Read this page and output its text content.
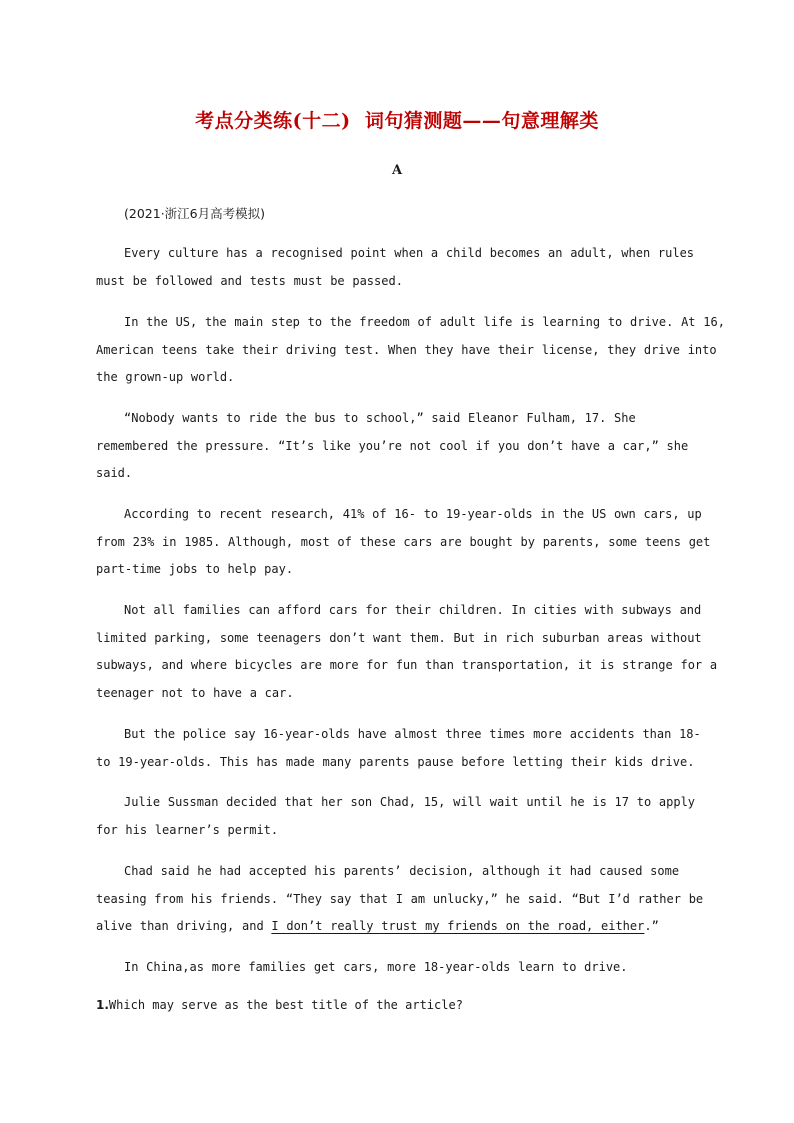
考点分类练(十二)  词句猜测题——句意理解类
A
(2021·浙江6月高考模拟)
Every culture has a recognised point when a child becomes an adult, when rules
must be followed and tests must be passed.
In the US, the main step to the freedom of adult life is learning to drive. At 16,
American teens take their driving test. When they have their license, they drive into
the grown-up world.
“Nobody wants to ride the bus to school,” said Eleanor Fulham, 17. She
remembered the pressure. “It’s like you’re not cool if you don’t have a car,” she
said.
According to recent research, 41% of 16- to 19-year-olds in the US own cars, up
from 23% in 1985. Although, most of these cars are bought by parents, some teens get
part-time jobs to help pay.
Not all families can afford cars for their children. In cities with subways and
limited parking, some teenagers don’t want them. But in rich suburban areas without
subways, and where bicycles are more for fun than transportation, it is strange for a
teenager not to have a car.
But the police say 16-year-olds have almost three times more accidents than 18-
to 19-year-olds. This has made many parents pause before letting their kids drive.
Julie Sussman decided that her son Chad, 15, will wait until he is 17 to apply
for his learner’s permit.
Chad said he had accepted his parents’ decision, although it had caused some
teasing from his friends. “They say that I am unlucky,” he said. “But I’d rather be
alive than driving, and I don’t really trust my friends on the road, either.”
In China,as more families get cars, more 18-year-olds learn to drive.
1.Which may serve as the best title of the article?
